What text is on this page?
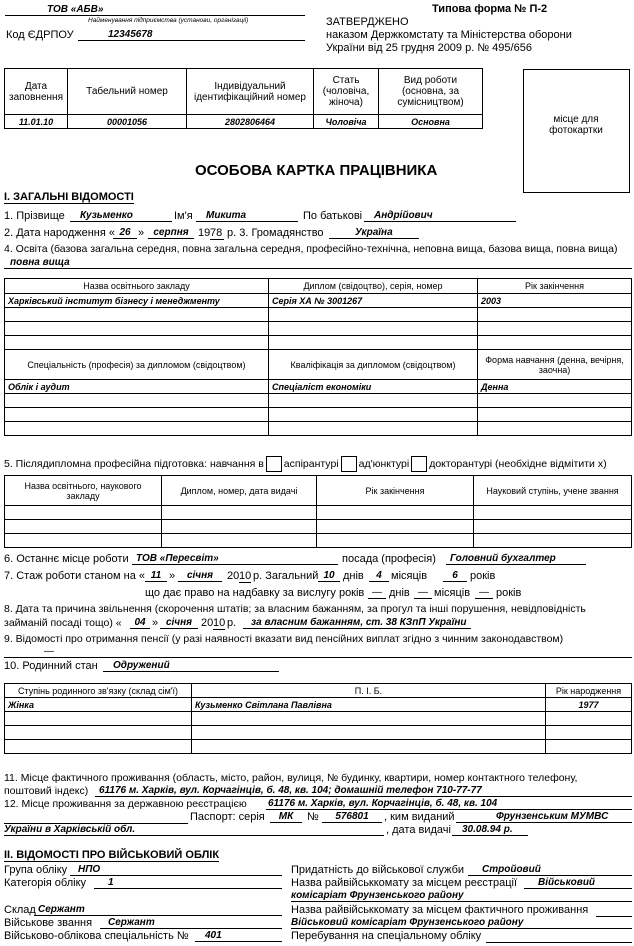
ТОВ «АБВ»
Найменування підприємства (установи, організації)
Код ЄДРПОУ	12345678
Типова форма № П-2
ЗАТВЕРДЖЕНО
наказом Держкомстату та Міністерства оборони
України від 25 грудня 2009 р. № 495/656
Дата заповнення	Табельний номер	Індивідуальний ідентифікаційний номер	Стать (чоловіча, жіноча)	Вид роботи (основна, за сумісництвом)
11.01.10	00001056	2802806464	Чоловіча	Основна	місце для фотокартки
ОСОБОВА КАРТКА ПРАЦІВНИКА
І. ЗАГАЛЬНІ ВІДОМОСТІ
1. Прізвище	Кузьменко	Ім'я	Микита	По батькові	Андрійович
2. Дата народження « 26 » серпня 19 78 р. 3. Громадянство	Україна
4. Освіта (базова загальна середня, повна загальна середня, професійно-технічна, неповна вища, базова вища, повна вища)
повна вища
Назва освітнього закладу	Диплом (свідоцтво), серія, номер	Рік закінчення
Харківський інститут бізнесу і менеджменту	Серія ХА № 3001267	2003

Спеціальність (професія) за дипломом (свідоцтвом)	Кваліфікація за дипломом (свідоцтвом)	Форма навчання (денна, вечірня, заочна)
Облік і аудит	Спеціаліст економіки	Денна

5. Післядипломна професійна підготовка: навчання в аспірантурі ад'юнктурі докторантурі (необхідне відмітити х)
Назва освітнього, наукового закладу	Диплом, номер, дата видачі	Рік закінчення	Науковий ступінь, учене звання

6. Останнє місце роботи ТОВ «Пересвіт»	посада (професія)	Головний бухгалтер
7. Стаж роботи станом на « 11 »	січня	20 10 р. Загальний 10 днів	4 місяців	6	років
що дає право на надбавку за вислугу років — днів — місяців — років
8. Дата та причина звільнення (скорочення штатів; за власним бажанням, за прогул та інші порушення, невідповідність
займаній посаді тощо) «	04 » січня 20 10 р.	за власним бажанням, ст. 38 КЗпП України
9. Відомості про отримання пенсії (у разі наявності вказати вид пенсійних виплат згідно з чинним законодавством)
—
10. Родинний стан	Одружений
Ступінь родинного зв'язку (склад сім'ї)	П. І. Б.	Рік народження
Жінка	Кузьменко Світлана Павлівна	1977

11. Місце фактичного проживання (область, місто, район, вулиця, № будинку, квартири, номер контактного телефону,
поштовий індекс)	61176 м. Харків, вул. Корчагінців, б. 48, кв. 104; домашній телефон 710-77-77
12. Місце проживання за державною реєстрацією 61176 м. Харків, вул. Корчагінців, б. 48, кв. 104
Паспорт: серія	МК	№	576801	, ким виданий	Фрунзенським МУМВС
України в Харківській обл.	, дата видачі	30.08.94 р.
ІІ. ВІДОМОСТІ ПРО ВІЙСЬКОВИЙ ОБЛІК
Група обліку	НПО
Категорія обліку	1
Склад Сержант
Військове звання	Сержант
Військово-облікова спеціальність №	401
Придатність до військової служби	Стройовий
Назва райвійськкомату за місцем реєстрації	Військовий
комісаріат Фрунзенського району
Назва райвійськкомату за місцем фактичного проживання
Військовий комісаріат Фрунзенського району
Перебування на спеціальному обліку
